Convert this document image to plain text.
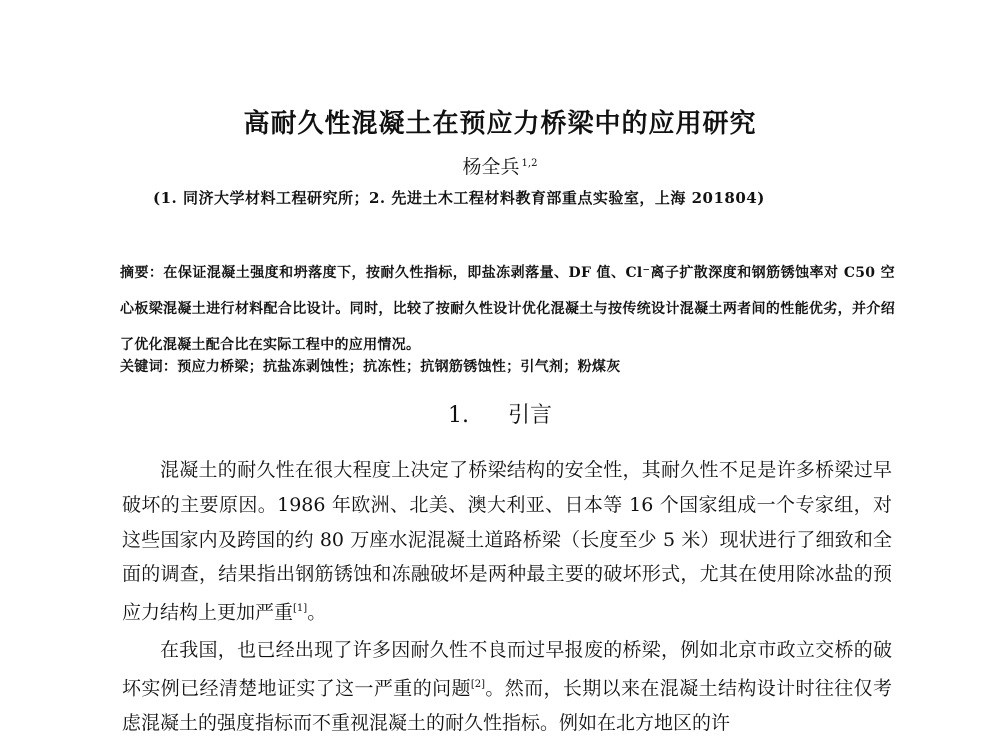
高耐久性混凝土在预应力桥梁中的应用研究
杨全兵 $^{1,2}$
(1. 同济大学材料工程研究所；2. 先进土木工程材料教育部重点实验室，上海 201804)
摘要：在保证混凝土强度和坍落度下，按耐久性指标，即盐冻剥落量、DF 值、Cl⁻离子扩散深度和钢筋锈蚀率对 C50 空心板梁混凝土进行材料配合比设计。同时，比较了按耐久性设计优化混凝土与按传统设计混凝土两者间的性能优劣，并介绍了优化混凝土配合比在实际工程中的应用情况。
关键词：预应力桥梁；抗盐冻剥蚀性；抗冻性；抗钢筋锈蚀性；引气剂；粉煤灰
1. 引言

混凝土的耐久性在很大程度上决定了桥梁结构的安全性，其耐久性不足是许多桥梁过早破坏的主要原因。1986 年欧洲、北美、澳大利亚、日本等 16 个国家组成一个专家组，对这些国家内及跨国的约 80 万座水泥混凝土道路桥梁（长度至少 5 米）现状进行了细致和全面的调查，结果指出钢筋锈蚀和冻融破坏是两种最主要的破坏形式，尤其在使用除冰盐的预应力结构上更加严重[1]。

在我国，也已经出现了许多因耐久性不良而过早报废的桥梁，例如北京市政立交桥的破坏实例已经清楚地证实了这一严重的问题[2]。然而，长期以来在混凝土结构设计时往往仅考虑混凝土的强度指标而不重视混凝土的耐久性指标。例如在北方地区的许
